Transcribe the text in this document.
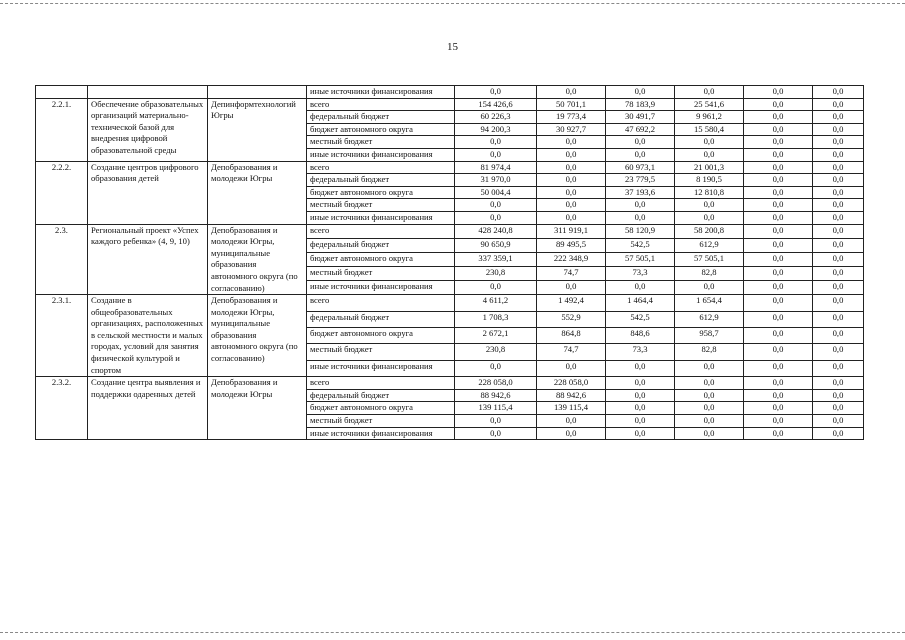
15
			иные источники финансирования	0,0	0,0	0,0	0,0	0,0	0,0
2.2.1.	Обеспечение образовательных организаций материально-технической базой для внедрения цифровой образовательной среды	Депинформтехнологий Югры	всего	154 426,6	50 701,1	78 183,9	25 541,6	0,0	0,0
			федеральный бюджет	60 226,3	19 773,4	30 491,7	9 961,2	0,0	0,0
			бюджет автономного округа	94 200,3	30 927,7	47 692,2	15 580,4	0,0	0,0
			местный бюджет	0,0	0,0	0,0	0,0	0,0	0,0
			иные источники финансирования	0,0	0,0	0,0	0,0	0,0	0,0
2.2.2.	Создание центров цифрового образования детей	Депобразования и молодежи Югры	всего	81 974,4	0,0	60 973,1	21 001,3	0,0	0,0
			федеральный бюджет	31 970,0	0,0	23 779,5	8 190,5	0,0	0,0
			бюджет автономного округа	50 004,4	0,0	37 193,6	12 810,8	0,0	0,0
			местный бюджет	0,0	0,0	0,0	0,0	0,0	0,0
			иные источники финансирования	0,0	0,0	0,0	0,0	0,0	0,0
2.3.	Региональный проект «Успех каждого ребенка» (4, 9, 10)	Депобразования и молодежи Югры, муниципальные образования автономного округа (по согласованию)	всего	428 240,8	311 919,1	58 120,9	58 200,8	0,0	0,0
			федеральный бюджет	90 650,9	89 495,5	542,5	612,9	0,0	0,0
			бюджет автономного округа	337 359,1	222 348,9	57 505,1	57 505,1	0,0	0,0
			местный бюджет	230,8	74,7	73,3	82,8	0,0	0,0
			иные источники финансирования	0,0	0,0	0,0	0,0	0,0	0,0
2.3.1.	Создание в общеобразовательных организациях, расположенных в сельской местности и малых городах, условий для занятия физической культурой и спортом	Депобразования и молодежи Югры, муниципальные образования автономного округа (по согласованию)	всего	4 611,2	1 492,4	1 464,4	1 654,4	0,0	0,0
			федеральный бюджет	1 708,3	552,9	542,5	612,9	0,0	0,0
			бюджет автономного округа	2 672,1	864,8	848,6	958,7	0,0	0,0
			местный бюджет	230,8	74,7	73,3	82,8	0,0	0,0
			иные источники финансирования	0,0	0,0	0,0	0,0	0,0	0,0
2.3.2.	Создание центра выявления и поддержки одаренных детей	Депобразования и молодежи Югры	всего	228 058,0	228 058,0	0,0	0,0	0,0	0,0
			федеральный бюджет	88 942,6	88 942,6	0,0	0,0	0,0	0,0
			бюджет автономного округа	139 115,4	139 115,4	0,0	0,0	0,0	0,0
			местный бюджет	0,0	0,0	0,0	0,0	0,0	0,0
			иные источники финансирования	0,0	0,0	0,0	0,0	0,0	0,0
